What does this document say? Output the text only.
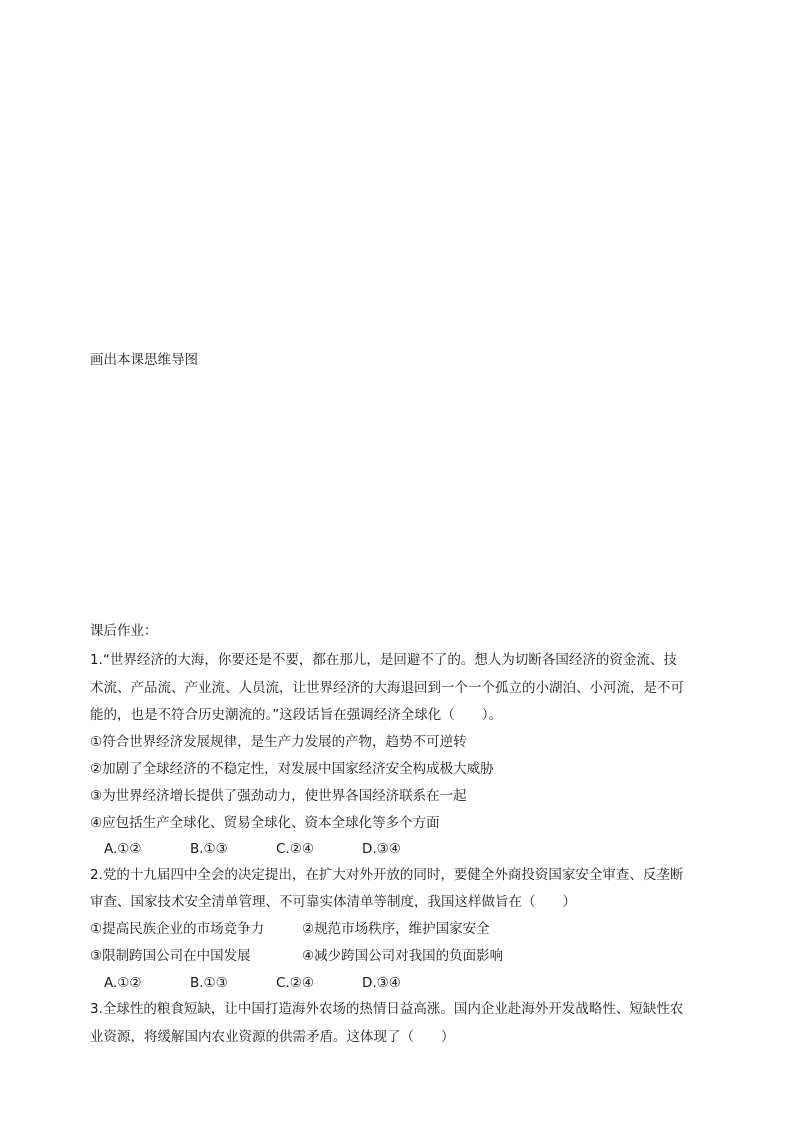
画出本课思维导图
课后作业：
1.“世界经济的大海，你要还是不要，都在那儿，是回避不了的。想人为切断各国经济的资金流、技
术流、产品流、产业流、人员流，让世界经济的大海退回到一个一个孤立的小湖泊、小河流，是不可
能的，也是不符合历史潮流的。”这段话旨在强调经济全球化（　　）。
①符合世界经济发展规律，是生产力发展的产物，趋势不可逆转
②加剧了全球经济的不稳定性，对发展中国家经济安全构成极大威胁
③为世界经济增长提供了强劲动力，使世界各国经济联系在一起
④应包括生产全球化、贸易全球化、资本全球化等多个方面
A.①②	B.①③	C.②④	D.③④
2.党的十九届四中全会的决定提出，在扩大对外开放的同时，要健全外商投资国家安全审查、反垄断
审查、国家技术安全清单管理、不可靠实体清单等制度，我国这样做旨在（　　）
①提高民族企业的市场竞争力	②规范市场秩序，维护国家安全
③限制跨国公司在中国发展	④减少跨国公司对我国的负面影响
A.①②	B.①③	C.②④	D.③④
3.全球性的粮食短缺，让中国打造海外农场的热情日益高涨。国内企业赴海外开发战略性、短缺性农
业资源，将缓解国内农业资源的供需矛盾。这体现了（　　）
